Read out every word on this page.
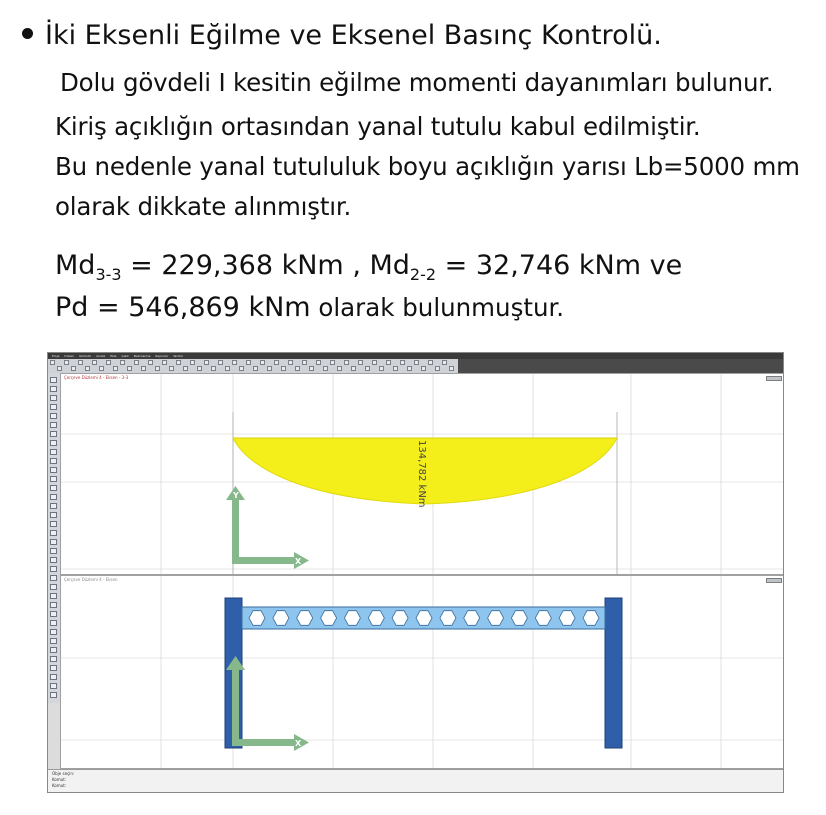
İki Eksenli Eğilme ve Eksenel Basınç Kontrolü.
Dolu gövdeli I kesitin eğilme momenti dayanımları bulunur.
Kiriş açıklığın ortasından yanal tutulu kabul edilmiştir.
Bu nedenle yanal tutululuk boyu açıklığın yarısı Lb=5000 mm
olarak dikkate alınmıştır.
$Md_{3-3} = 229,368$ kNm , $Md_{2-2} = 32,746$ kNm ve
Pd = 546,869 kNm olarak bulunmuştur.
Proje Düzen Görüntü Analiz Ekle Çelik Betonarme Raporlar Yardım
Çerçeve Düzlemi 4 - Eksen - 3-3
134,782 kNm
Y
X
Çerçeve Düzlemi 4 - Eksen
X
Obje seçin:
Komut:
Komut:
